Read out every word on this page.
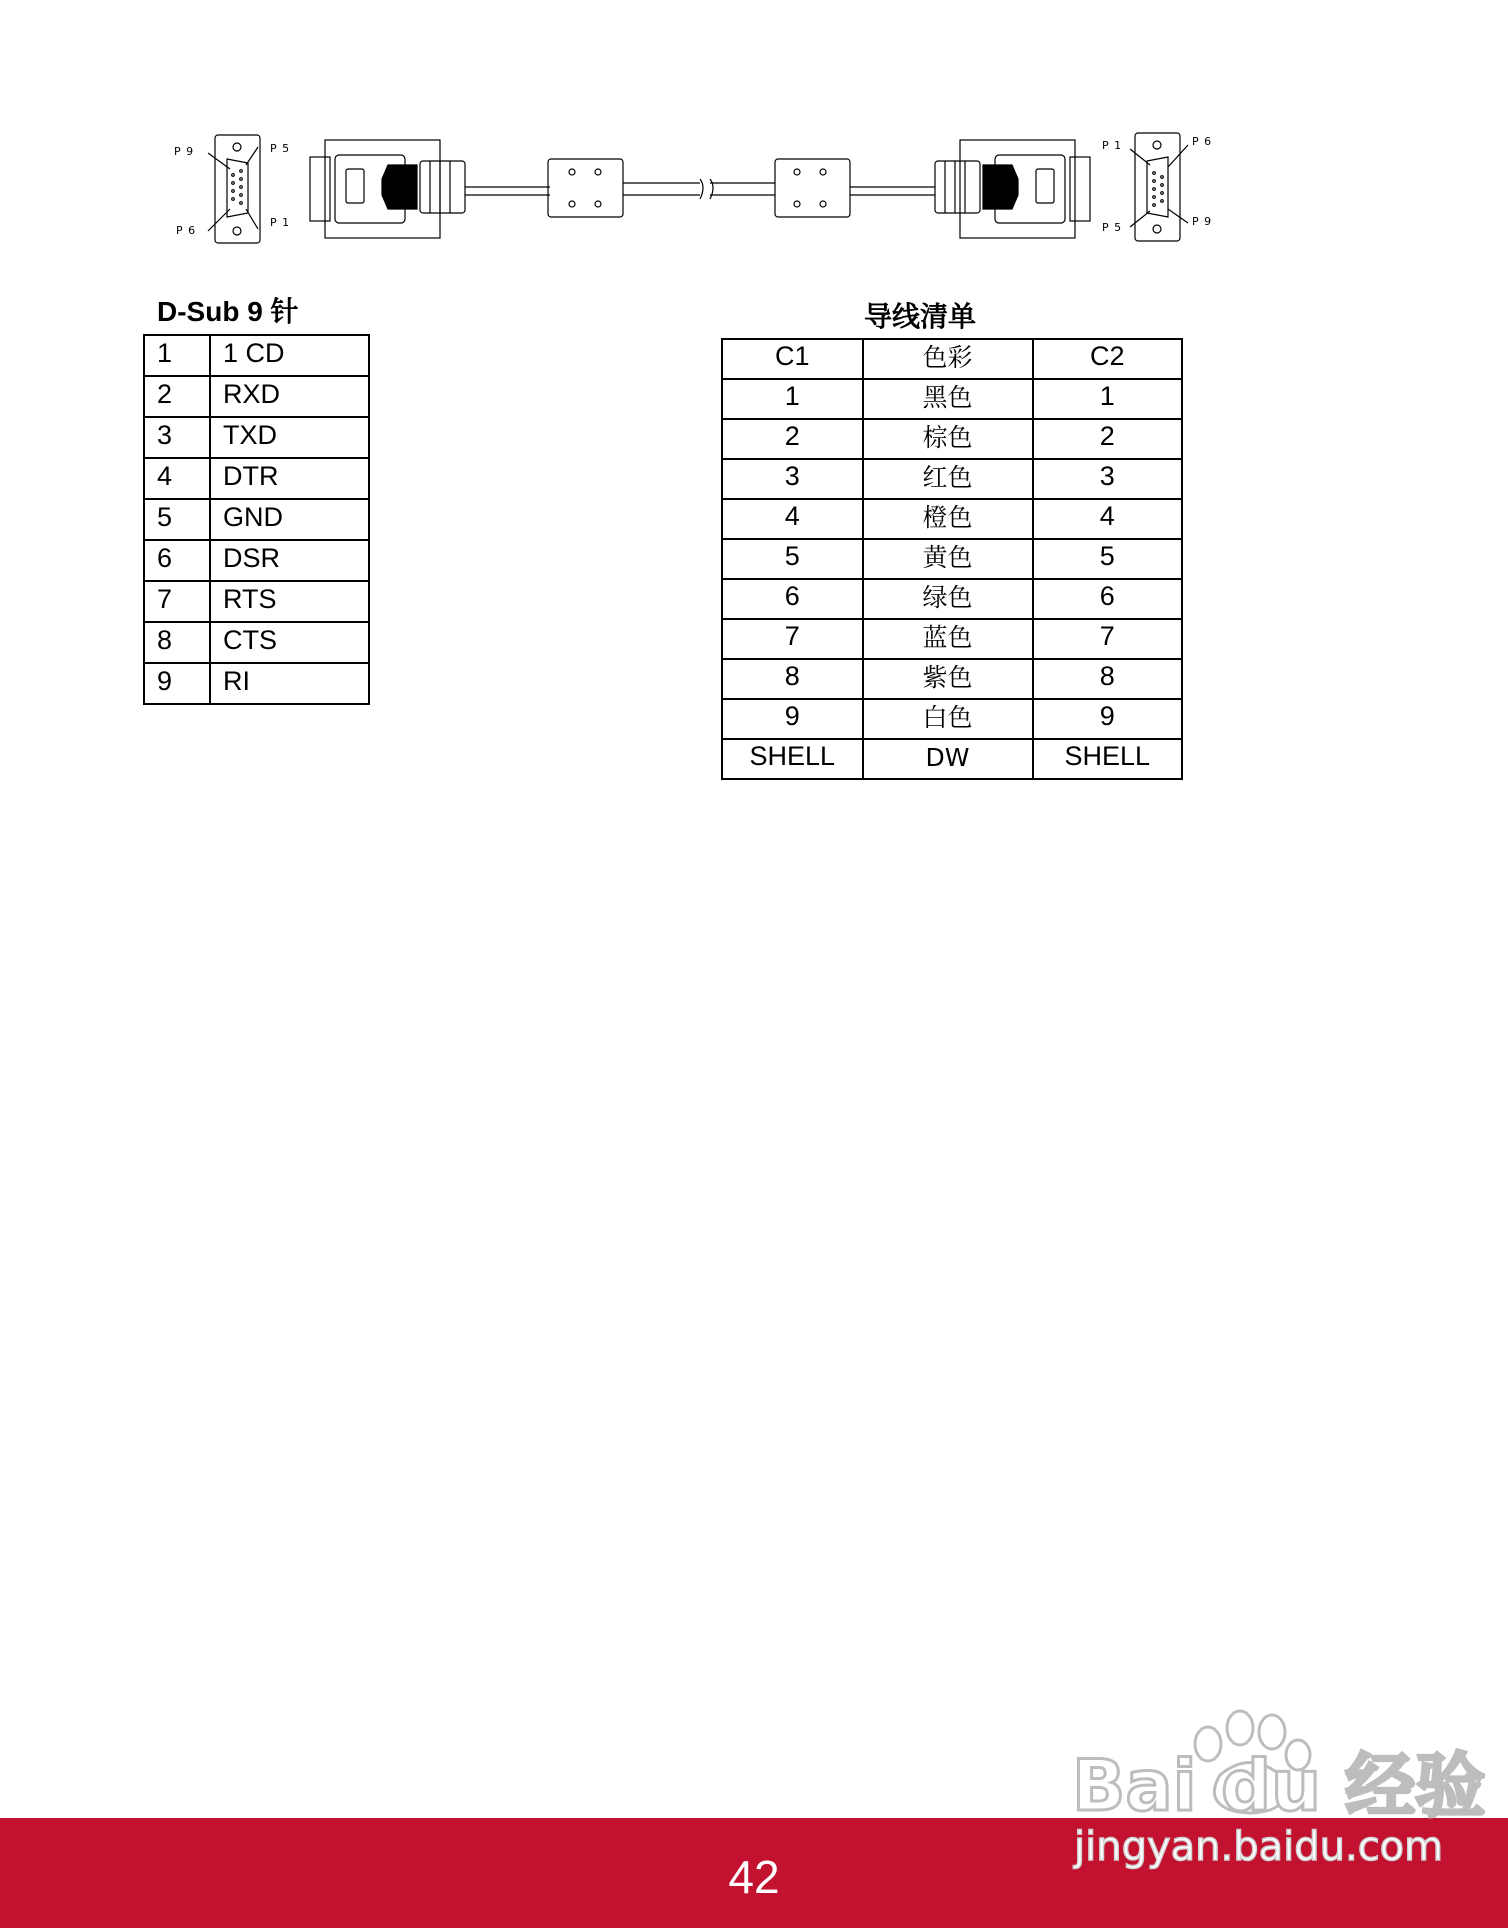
P 9	P 5
P 6
P 1
P 1	P 6
P 5	P 9
D-Sub 9 针	导线清单
1	1 CD
2	RXD
3	TXD
4	DTR
5	GND
6	DSR
7	RTS
8	CTS
9	RI
C1	色彩	C2
1	黑色	1
2	棕色	2
3	红色	3
4	橙色	4
5	黄色	5
6	绿色	6
7	蓝色	7
8	紫色	8
9	白色	9
SHELL	DW	SHELL
42
Bai du 经验
jingyan.baidu.com
